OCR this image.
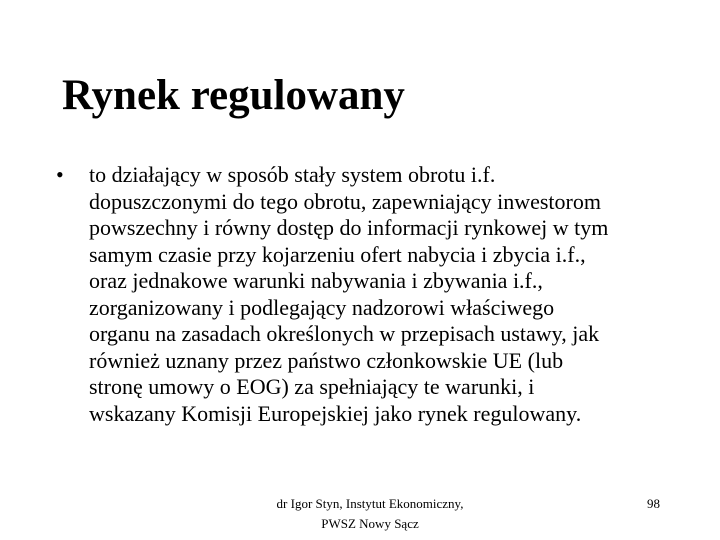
Rynek regulowany
• to działający w sposób stały system obrotu i.f.
dopuszczonymi do tego obrotu, zapewniający inwestorom
powszechny i równy dostęp do informacji rynkowej w tym
samym czasie przy kojarzeniu ofert nabycia i zbycia i.f.,
oraz jednakowe warunki nabywania i zbywania i.f.,
zorganizowany i podlegający nadzorowi właściwego
organu na zasadach określonych w przepisach ustawy, jak
również uznany przez państwo członkowskie UE (lub
stronę umowy o EOG) za spełniający te warunki, i
wskazany Komisji Europejskiej jako rynek regulowany.
dr Igor Styn, Instytut Ekonomiczny,
PWSZ Nowy Sącz
98
